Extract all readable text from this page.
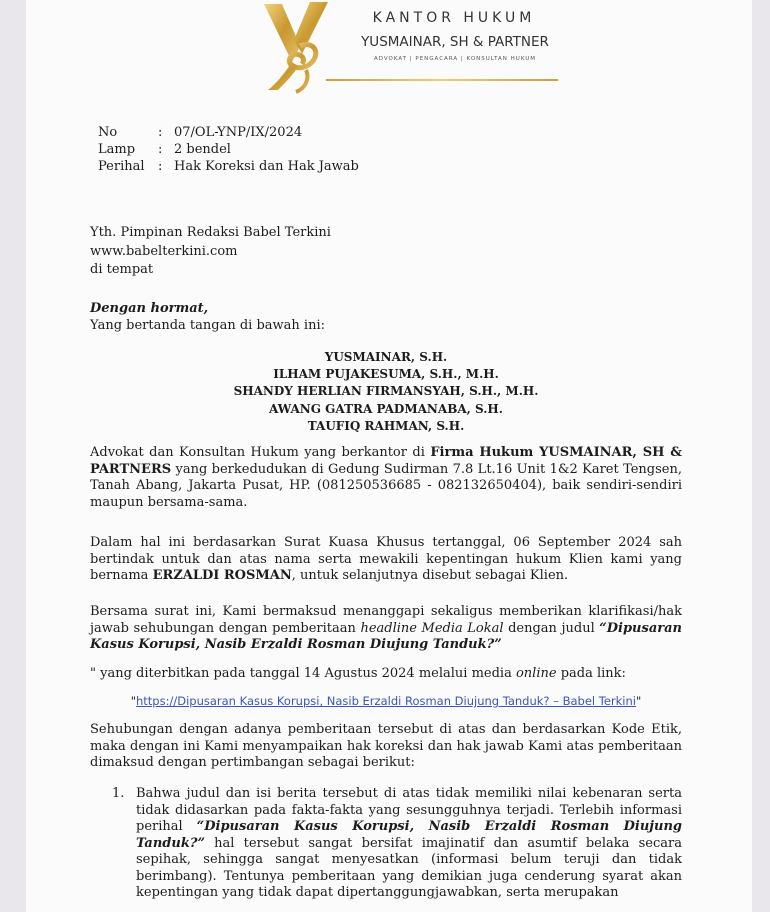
KANTOR HUKUM
YUSMAINAR, SH & PARTNER
ADVOKAT | PENGACARA | KONSULTAN HUKUM
No	: 07/OL-YNP/IX/2024
Lamp	: 2 bendel
Perihal	: Hak Koreksi dan Hak Jawab
Yth. Pimpinan Redaksi Babel Terkini
www.babelterkini.com
di tempat
Dengan hormat,
Yang bertanda tangan di bawah ini:
YUSMAINAR, S.H.
ILHAM PUJAKESUMA, S.H., M.H.
SHANDY HERLIAN FIRMANSYAH, S.H., M.H.
AWANG GATRA PADMANABA, S.H.
TAUFIQ RAHMAN, S.H.
Advokat dan Konsultan Hukum yang berkantor di Firma Hukum YUSMAINAR, SH & PARTNERS yang berkedudukan di Gedung Sudirman 7.8 Lt.16 Unit 1&2 Karet Tengsen, Tanah Abang, Jakarta Pusat, HP. (081250536685 - 082132650404), baik sendiri-sendiri maupun bersama-sama.
Dalam hal ini berdasarkan Surat Kuasa Khusus tertanggal, 06 September 2024 sah bertindak untuk dan atas nama serta mewakili kepentingan hukum Klien kami yang bernama ERZALDI ROSMAN, untuk selanjutnya disebut sebagai Klien.
Bersama surat ini, Kami bermaksud menanggapi sekaligus memberikan klarifikasi/hak jawab sehubungan dengan pemberitaan headline Media Lokal dengan judul “Dipusaran Kasus Korupsi, Nasib Erzaldi Rosman Diujung Tanduk?”
" yang diterbitkan pada tanggal 14 Agustus 2024 melalui media online pada link:
"https://Dipusaran Kasus Korupsi, Nasib Erzaldi Rosman Diujung Tanduk? – Babel Terkini"
Sehubungan dengan adanya pemberitaan tersebut di atas dan berdasarkan Kode Etik, maka dengan ini Kami menyampaikan hak koreksi dan hak jawab Kami atas pemberitaan dimaksud dengan pertimbangan sebagai berikut:
1. Bahwa judul dan isi berita tersebut di atas tidak memiliki nilai kebenaran serta tidak didasarkan pada fakta-fakta yang sesungguhnya terjadi. Terlebih informasi perihal “Dipusaran Kasus Korupsi, Nasib Erzaldi Rosman Diujung Tanduk?” hal tersebut sangat bersifat imajinatif dan asumtif belaka secara sepihak, sehingga sangat menyesatkan (informasi belum teruji dan tidak berimbang). Tentunya pemberitaan yang demikian juga cenderung syarat akan kepentingan yang tidak dapat dipertanggungjawabkan, serta merupakan
